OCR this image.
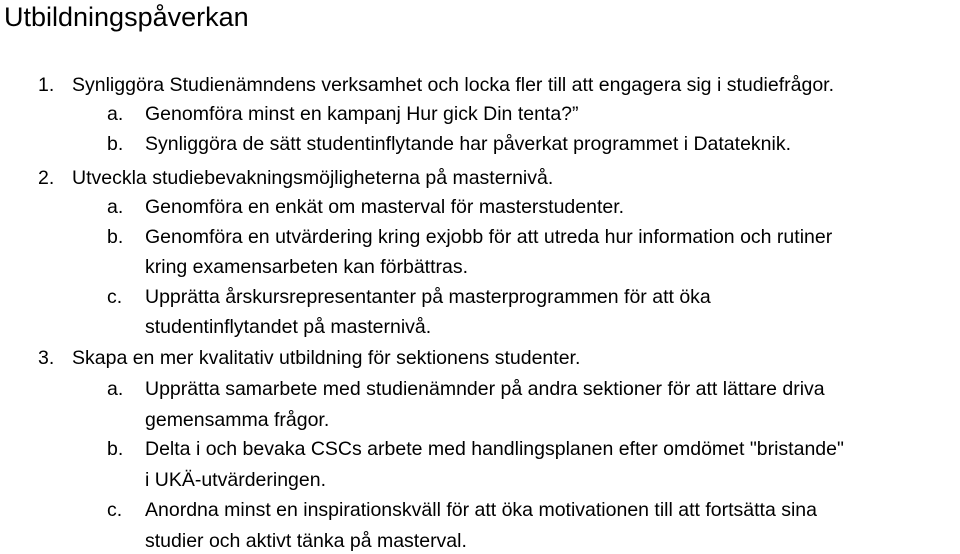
Utbildningspåverkan
1. Synliggöra Studienämndens verksamhet och locka fler till att engagera sig i studiefrågor.
a. Genomföra minst en kampanj Hur gick Din tenta?”
b. Synliggöra de sätt studentinflytande har påverkat programmet i Datateknik.
2. Utveckla studiebevakningsmöjligheterna på masternivå.
a. Genomföra en enkät om masterval för masterstudenter.
b. Genomföra en utvärdering kring exjobb för att utreda hur information och rutiner
kring examensarbeten kan förbättras.
c. Upprätta årskursrepresentanter på masterprogrammen för att öka
studentinflytandet på masternivå.
3. Skapa en mer kvalitativ utbildning för sektionens studenter.
a. Upprätta samarbete med studienämnder på andra sektioner för att lättare driva
gemensamma frågor.
b. Delta i och bevaka CSCs arbete med handlingsplanen efter omdömet "bristande"
i UKÄ-utvärderingen.
c. Anordna minst en inspirationskväll för att öka motivationen till att fortsätta sina
studier och aktivt tänka på masterval.
